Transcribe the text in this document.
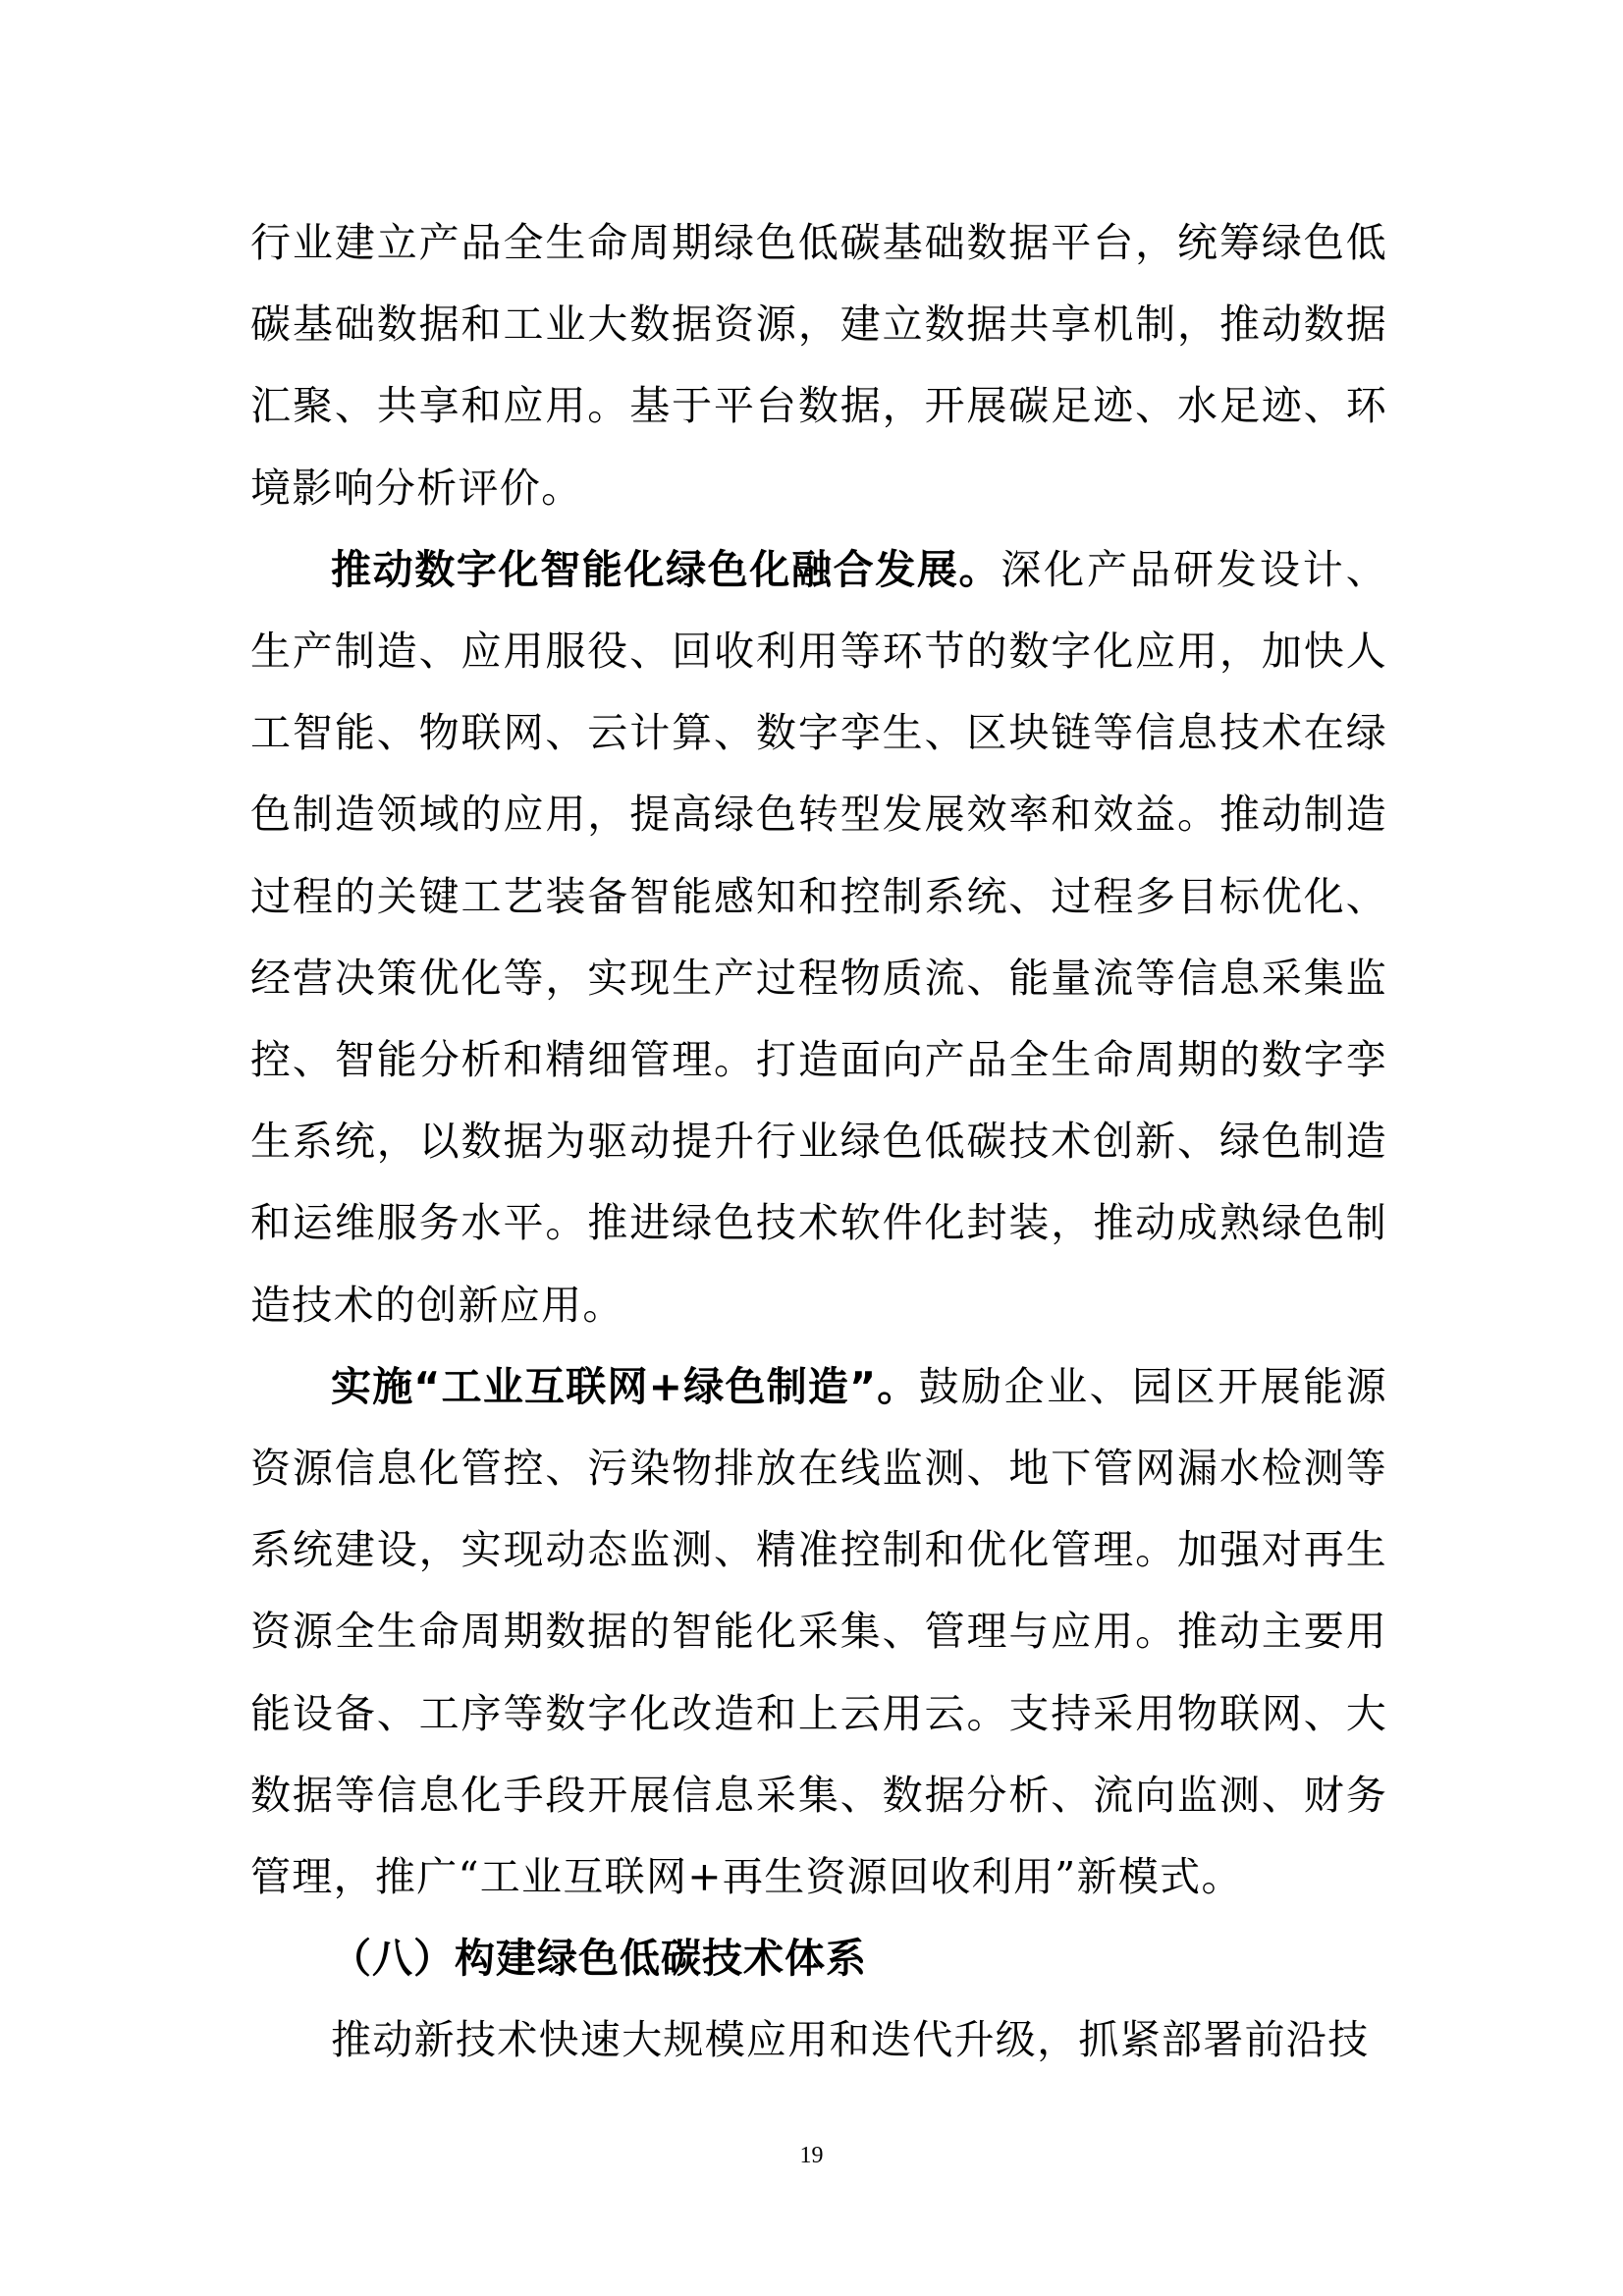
行业建立产品全生命周期绿色低碳基础数据平台，统筹绿色低碳基础数据和工业大数据资源，建立数据共享机制，推动数据汇聚、共享和应用。基于平台数据，开展碳足迹、水足迹、环境影响分析评价。

推动数字化智能化绿色化融合发展。深化产品研发设计、生产制造、应用服役、回收利用等环节的数字化应用，加快人工智能、物联网、云计算、数字孪生、区块链等信息技术在绿色制造领域的应用，提高绿色转型发展效率和效益。推动制造过程的关键工艺装备智能感知和控制系统、过程多目标优化、经营决策优化等，实现生产过程物质流、能量流等信息采集监控、智能分析和精细管理。打造面向产品全生命周期的数字孪生系统，以数据为驱动提升行业绿色低碳技术创新、绿色制造和运维服务水平。推进绿色技术软件化封装，推动成熟绿色制造技术的创新应用。

实施“工业互联网+绿色制造”。鼓励企业、园区开展能源资源信息化管控、污染物排放在线监测、地下管网漏水检测等系统建设，实现动态监测、精准控制和优化管理。加强对再生资源全生命周期数据的智能化采集、管理与应用。推动主要用能设备、工序等数字化改造和上云用云。支持采用物联网、大数据等信息化手段开展信息采集、数据分析、流向监测、财务管理，推广“工业互联网+再生资源回收利用”新模式。

（八）构建绿色低碳技术体系

推动新技术快速大规模应用和迭代升级，抓紧部署前沿技

19
